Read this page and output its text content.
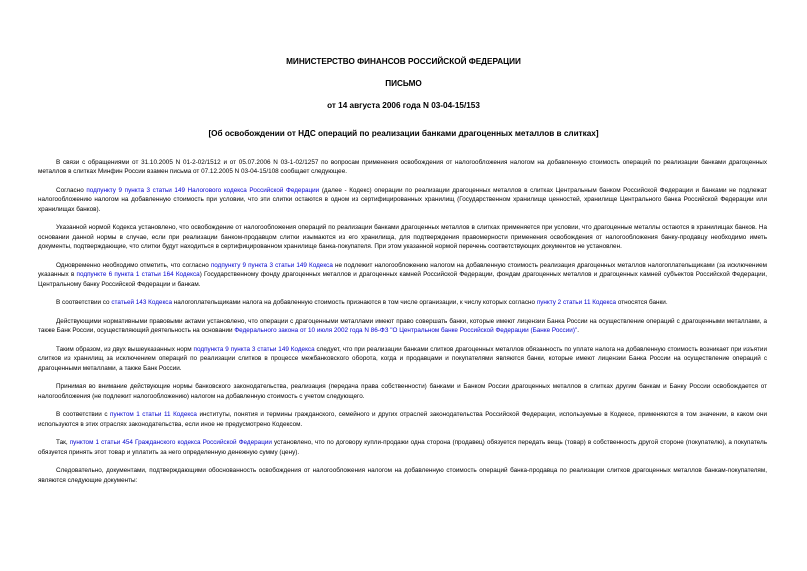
МИНИСТЕРСТВО ФИНАНСОВ РОССИЙСКОЙ ФЕДЕРАЦИИ
ПИСЬМО
от 14 августа 2006 года N 03-04-15/153
[Об освобождении от НДС операций по реализации банками драгоценных металлов в слитках]

В связи с обращениями от 31.10.2005 N 01-2-02/1512 и от 05.07.2006 N 03-1-02/1257 по вопросам применения освобождения от налогообложения налогом на добавленную стоимость операций по реализации банками драгоценных металлов в слитках Минфин России взамен письма от 07.12.2005 N 03-04-15/108 сообщает следующее.

Согласно подпункту 9 пункта 3 статьи 149 Налогового кодекса Российской Федерации (далее - Кодекс) операции по реализации драгоценных металлов в слитках Центральным банком Российской Федерации и банками не подлежат налогообложению налогом на добавленную стоимость при условии, что эти слитки остаются в одном из сертифицированных хранилищ (Государственном хранилище ценностей, хранилище Центрального банка Российской Федерации или хранилищах банков).

Указанной нормой Кодекса установлено, что освобождение от налогообложения операций по реализации банками драгоценных металлов в слитках применяется при условии, что драгоценные металлы остаются в хранилищах банков. На основании данной нормы в случае, если при реализации банком-продавцом слитки изымаются из его хранилища, для подтверждения правомерности применения освобождения от налогообложения банку-продавцу необходимо иметь документы, подтверждающие, что слитки будут находиться в сертифицированном хранилище банка-покупателя. При этом указанной нормой перечень соответствующих документов не установлен.

Одновременно необходимо отметить, что согласно подпункту 9 пункта 3 статьи 149 Кодекса не подлежит налогообложению налогом на добавленную стоимость реализация драгоценных металлов налогоплательщиками (за исключением указанных в подпункте 6 пункта 1 статьи 164 Кодекса) Государственному фонду драгоценных металлов и драгоценных камней Российской Федерации, фондам драгоценных металлов и драгоценных камней субъектов Российской Федерации, Центральному банку Российской Федерации и банкам.

В соответствии со статьей 143 Кодекса налогоплательщиками налога на добавленную стоимость признаются в том числе организации, к числу которых согласно пункту 2 статьи 11 Кодекса относятся банки.

Действующими нормативными правовыми актами установлено, что операции с драгоценными металлами имеют право совершать банки, которые имеют лицензии Банка России на осуществление операций с драгоценными металлами, а также Банк России, осуществляющий деятельность на основании Федерального закона от 10 июля 2002 года N 86-ФЗ "О Центральном банке Российской Федерации (Банке России)".

Таким образом, из двух вышеуказанных норм подпункта 9 пункта 3 статьи 149 Кодекса следует, что при реализации банками слитков драгоценных металлов обязанность по уплате налога на добавленную стоимость возникает при изъятии слитков из хранилищ за исключением операций по реализации слитков в процессе межбанковского оборота, когда и продавцами и покупателями являются банки, которые имеют лицензии Банка России на осуществление операций с драгоценными металлами, а также Банк России.

Принимая во внимание действующие нормы банковского законодательства, реализация (передача права собственности) банками и Банком России драгоценных металлов в слитках другим банкам и Банку России освобождается от налогообложения (не подлежит налогообложению) налогом на добавленную стоимость с учетом следующего.

В соответствии с пунктом 1 статьи 11 Кодекса институты, понятия и термины гражданского, семейного и других отраслей законодательства Российской Федерации, используемые в Кодексе, применяются в том значении, в каком они используются в этих отраслях законодательства, если иное не предусмотрено Кодексом.

Так, пунктом 1 статьи 454 Гражданского кодекса Российской Федерации установлено, что по договору купли-продажи одна сторона (продавец) обязуется передать вещь (товар) в собственность другой стороне (покупателю), а покупатель обязуется принять этот товар и уплатить за него определенную денежную сумму (цену).

Следовательно, документами, подтверждающими обоснованность освобождения от налогообложения налогом на добавленную стоимость операций банка-продавца по реализации слитков драгоценных металлов банкам-покупателям, являются следующие документы:
